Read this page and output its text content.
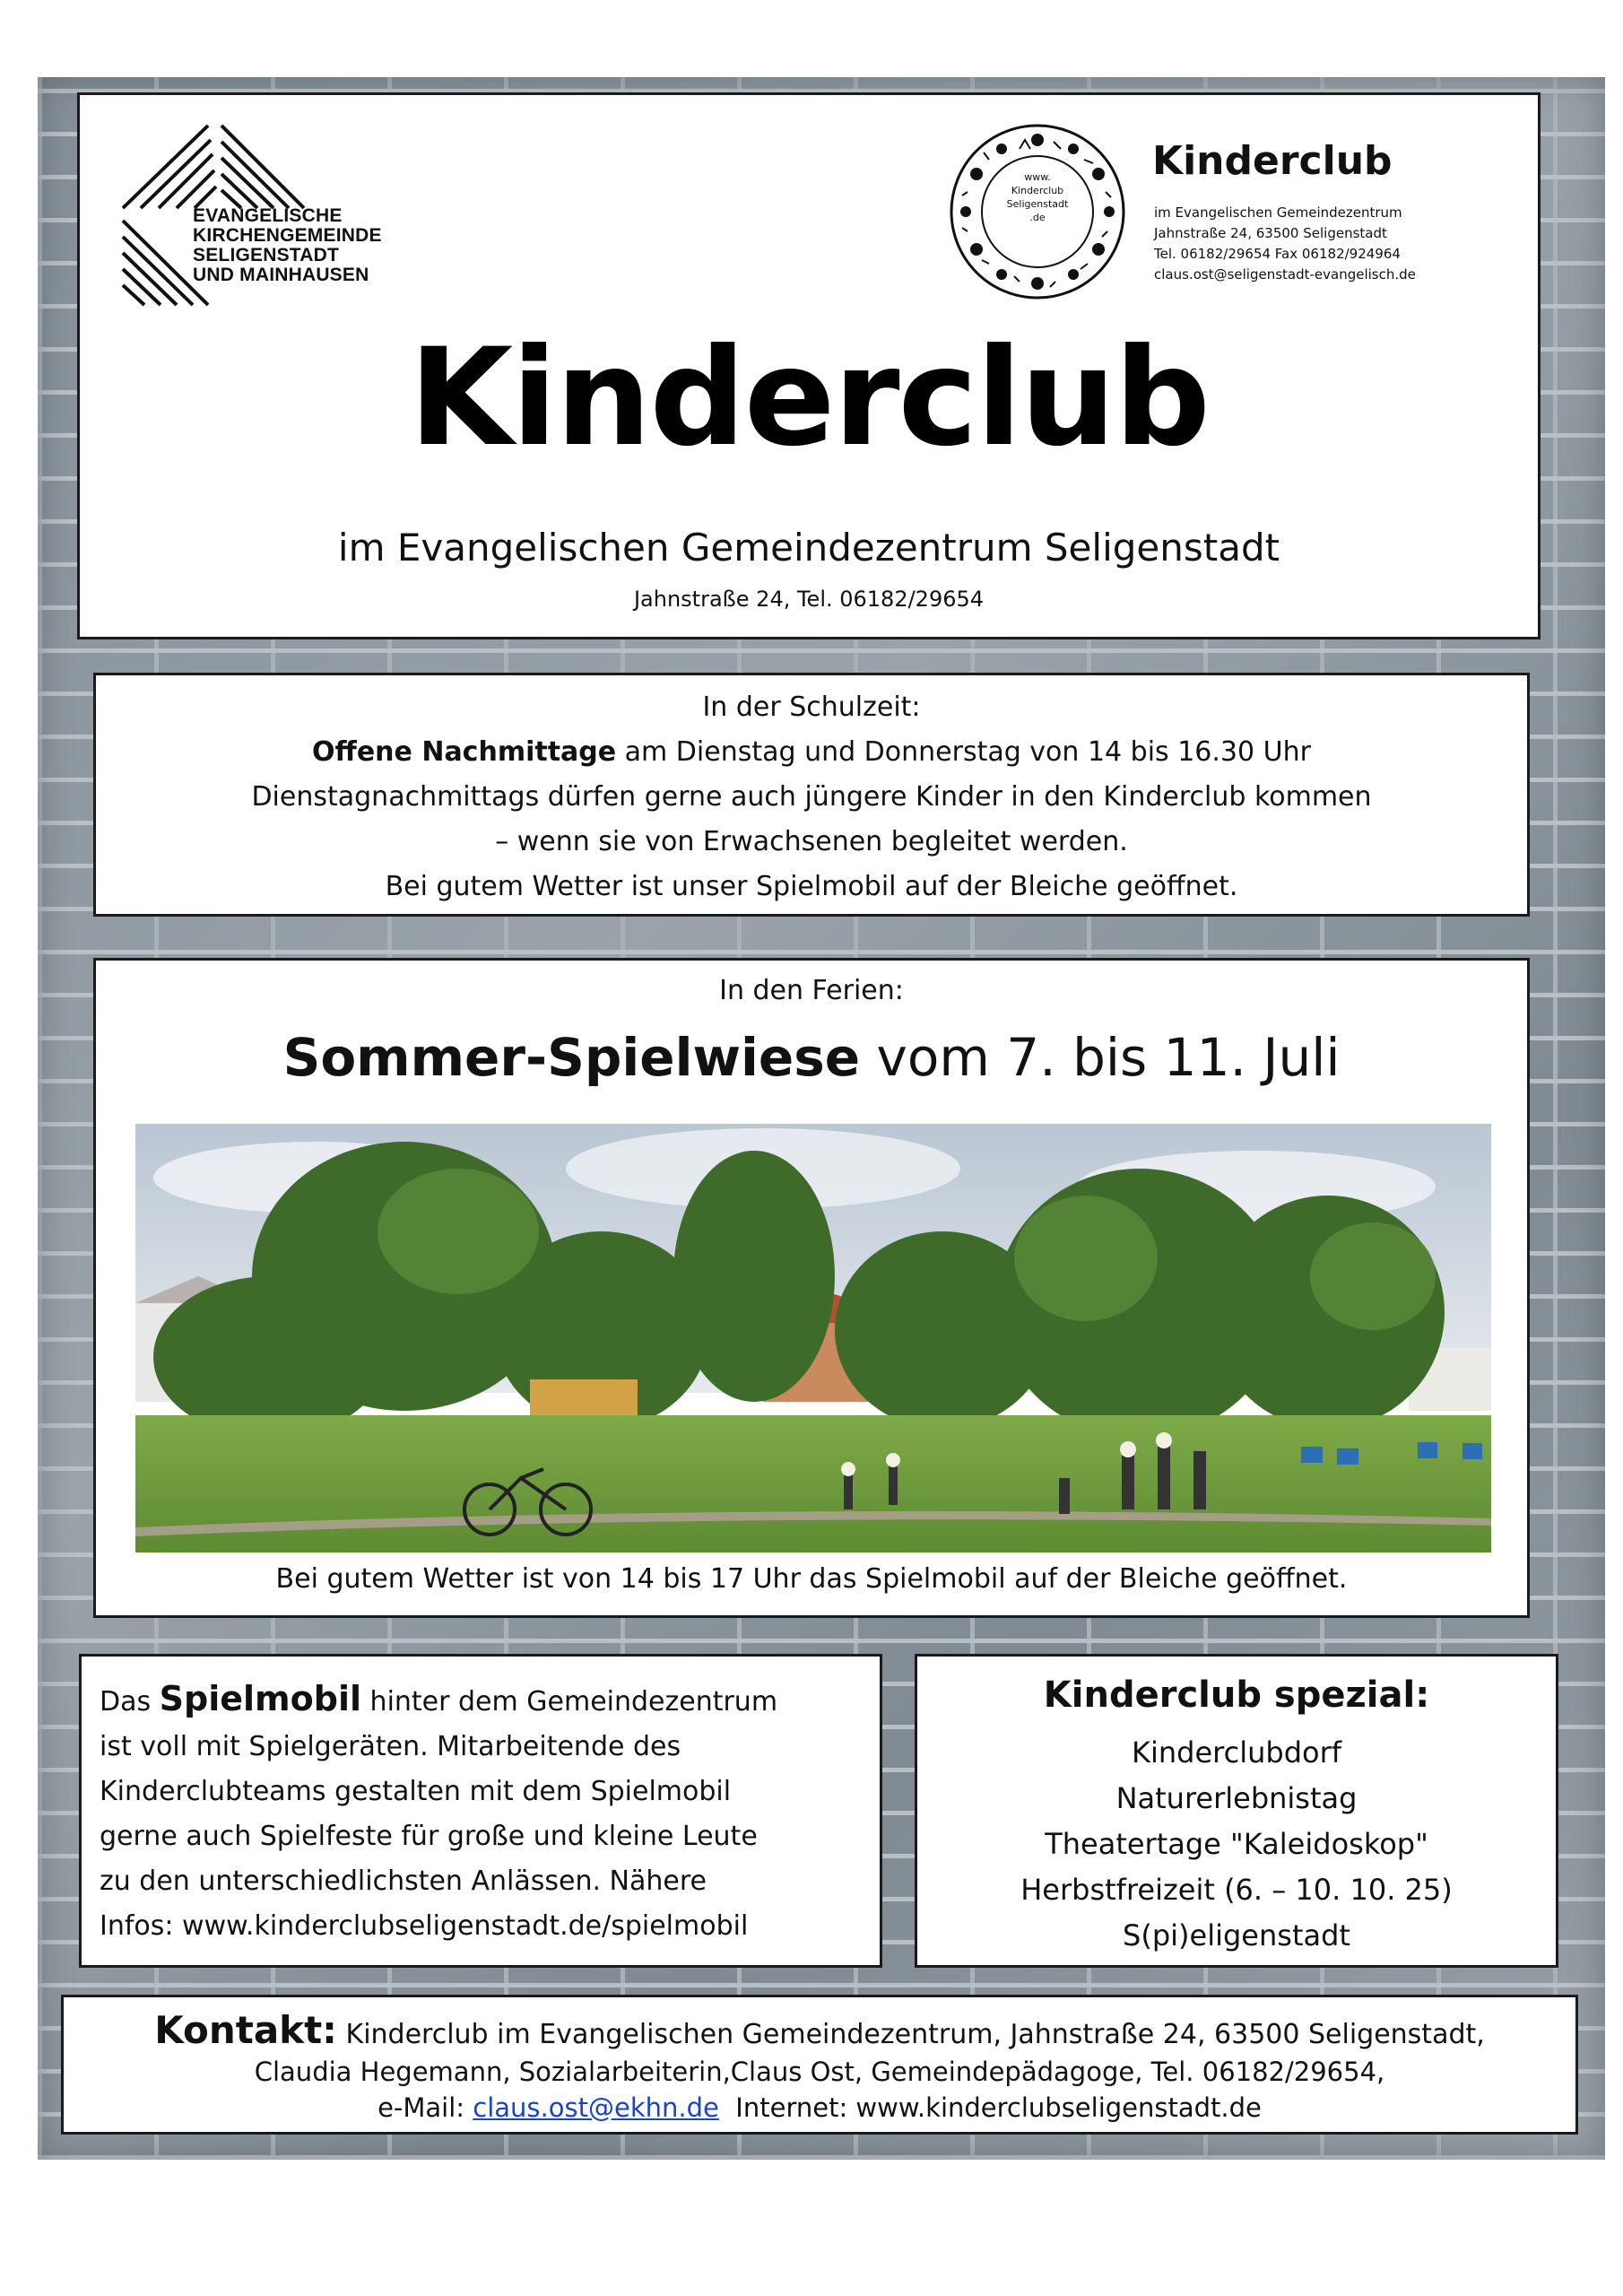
EVANGELISCHE
KIRCHENGEMEINDE
SELIGENSTADT
UND MAINHAUSEN
www.
Kinderclub
Seligenstadt
.de
Kinderclub
im Evangelischen Gemeindezentrum
Jahnstraße 24, 63500 Seligenstadt
Tel. 06182/29654 Fax 06182/924964
claus.ost@seligenstadt-evangelisch.de
Kinderclub
im Evangelischen Gemeindezentrum Seligenstadt
Jahnstraße 24, Tel. 06182/29654
In der Schulzeit:
Offene Nachmittage am Dienstag und Donnerstag von 14 bis 16.30 Uhr
Dienstagnachmittags dürfen gerne auch jüngere Kinder in den Kinderclub kommen
– wenn sie von Erwachsenen begleitet werden.
Bei gutem Wetter ist unser Spielmobil auf der Bleiche geöffnet.
In den Ferien:
Sommer-Spielwiese vom 7. bis 11. Juli
Bei gutem Wetter ist von 14 bis 17 Uhr das Spielmobil auf der Bleiche geöffnet.
Das Spielmobil hinter dem Gemeindezentrum
ist voll mit Spielgeräten. Mitarbeitende des
Kinderclubteams gestalten mit dem Spielmobil
gerne auch Spielfeste für große und kleine Leute
zu den unterschiedlichsten Anlässen. Nähere
Infos: www.kinderclubseligenstadt.de/spielmobil
Kinderclub spezial:
Kinderclubdorf
Naturerlebnistag
Theatertage "Kaleidoskop"
Herbstfreizeit (6. – 10. 10. 25)
S(pi)eligenstadt
Kontakt: Kinderclub im Evangelischen Gemeindezentrum, Jahnstraße 24, 63500 Seligenstadt,
Claudia Hegemann, Sozialarbeiterin,Claus Ost, Gemeindepädagoge, Tel. 06182/29654,
e-Mail: claus.ost@ekhn.de  Internet: www.kinderclubseligenstadt.de
